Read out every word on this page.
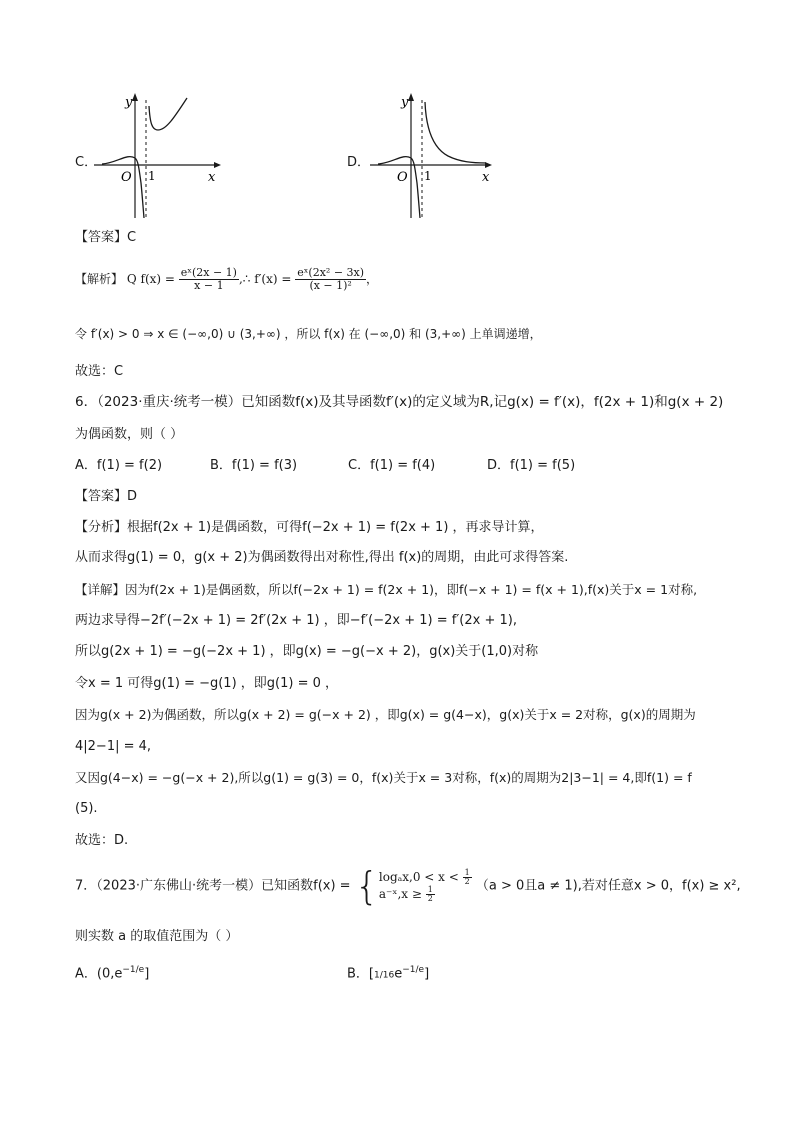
C．
y
x
O 1
D．
y
x
O 1
【答案】C
【解析】 Q $f(x) = \frac{\text{eˣ(2x − 1)}}{x - 1}$ ,∴ $f'(x) = \frac{\text{eˣ(2x² − 3x)}}{\text{(x − 1)²}}$ ，
令 f′(x) > 0 ⇒ x ∈ (−∞,0) ∪ (3,+∞) ，所以 f(x) 在 (−∞,0) 和 (3,+∞) 上单调递增，
故选：C
6．（2023·重庆·统考一模）已知函数f(x)及其导函数f′(x)的定义域为R,记g(x) = f′(x)，f(2x + 1)和g(x + 2)
为偶函数，则（ ）
A．f(1) = f(2)	B．f(1) = f(3)	C．f(1) = f(4)	D．f(1) = f(5)
【答案】D
【分析】根据f(2x + 1)是偶函数，可得f(−2x + 1) = f(2x + 1) ，再求导计算，
从而求得g(1) = 0，g(x + 2)为偶函数得出对称性,得出 f(x)的周期，由此可求得答案.
【详解】因为f(2x + 1)是偶函数，所以f(−2x + 1) = f(2x + 1)，即f(−x + 1) = f(x + 1),f(x)关于x = 1对称,
两边求导得−2f′(−2x + 1) = 2f′(2x + 1) ，即−f′(−2x + 1) = f′(2x + 1),
所以g(2x + 1) = −g(−2x + 1) ，即g(x) = −g(−x + 2)，g(x)关于(1,0)对称
令x = 1 可得g(1) = −g(1) ，即g(1) = 0 ，
因为g(x + 2)为偶函数，所以g(x + 2) = g(−x + 2) ，即g(x) = g(4−x)，g(x)关于x = 2对称，g(x)的周期为
4|2−1| = 4,
又因g(4−x) = −g(−x + 2),所以g(1) = g(3) = 0，f(x)关于x = 3对称，f(x)的周期为2|3−1| = 4,即f(1) = f
(5).
故选：D.
7．（2023·广东佛山·统考一模）已知函数f(x) = { $\log_ax,0 < x < \frac{1}{2}$
a⁻ˣ,x ≥ $\frac{1}{2}$	（a > 0且a ≠ 1),若对任意x > 0，f(x) ≥ x²,
则实数 a 的取值范围为（ ）
A．$(0,e^{-1/e}]$	B．$[1/16e^{-1/e}]$
